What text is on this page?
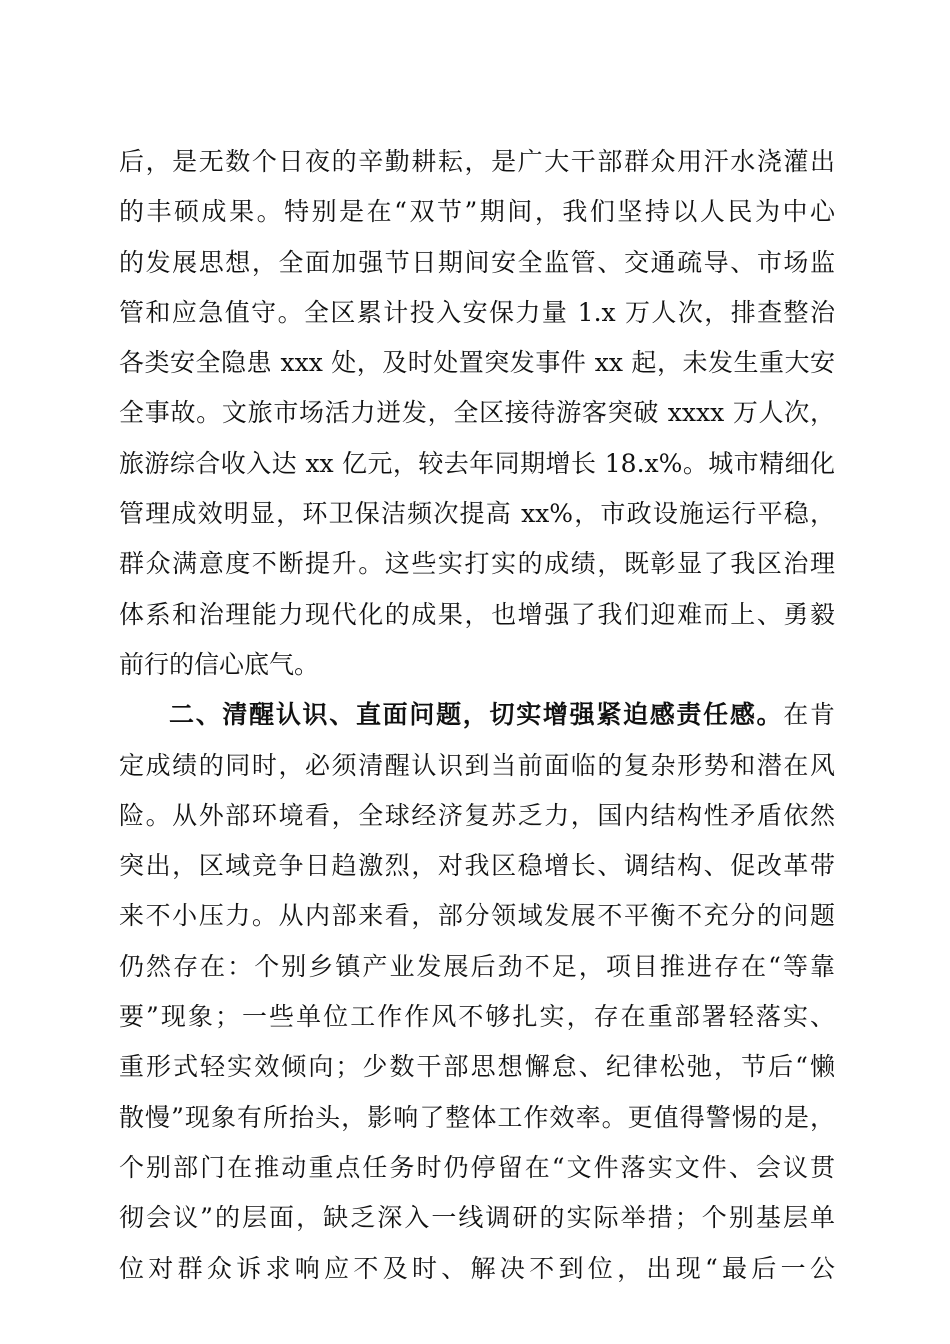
后，是无数个日夜的辛勤耕耘，是广大干部群众用汗水浇灌出
的丰硕成果。特别是在“双节”期间，我们坚持以人民为中心
的发展思想，全面加强节日期间安全监管、交通疏导、市场监
管和应急值守。全区累计投入安保力量 1.x 万人次，排查整治
各类安全隐患 xxx 处，及时处置突发事件 xx 起，未发生重大安
全事故。文旅市场活力迸发，全区接待游客突破 xxxx 万人次，
旅游综合收入达 xx 亿元，较去年同期增长 18.x%。城市精细化
管理成效明显，环卫保洁频次提高 xx%，市政设施运行平稳，
群众满意度不断提升。这些实打实的成绩，既彰显了我区治理
体系和治理能力现代化的成果，也增强了我们迎难而上、勇毅
前行的信心底气。
二、清醒认识、直面问题，切实增强紧迫感责任感。在肯
定成绩的同时，必须清醒认识到当前面临的复杂形势和潜在风
险。从外部环境看，全球经济复苏乏力，国内结构性矛盾依然
突出，区域竞争日趋激烈，对我区稳增长、调结构、促改革带
来不小压力。从内部来看，部分领域发展不平衡不充分的问题
仍然存在：个别乡镇产业发展后劲不足，项目推进存在“等靠
要”现象；一些单位工作作风不够扎实，存在重部署轻落实、
重形式轻实效倾向；少数干部思想懈怠、纪律松弛，节后“懒
散慢”现象有所抬头，影响了整体工作效率。更值得警惕的是，
个别部门在推动重点任务时仍停留在“文件落实文件、会议贯
彻会议”的层面，缺乏深入一线调研的实际举措；个别基层单
位对群众诉求响应不及时、解决不到位，出现“最后一公
